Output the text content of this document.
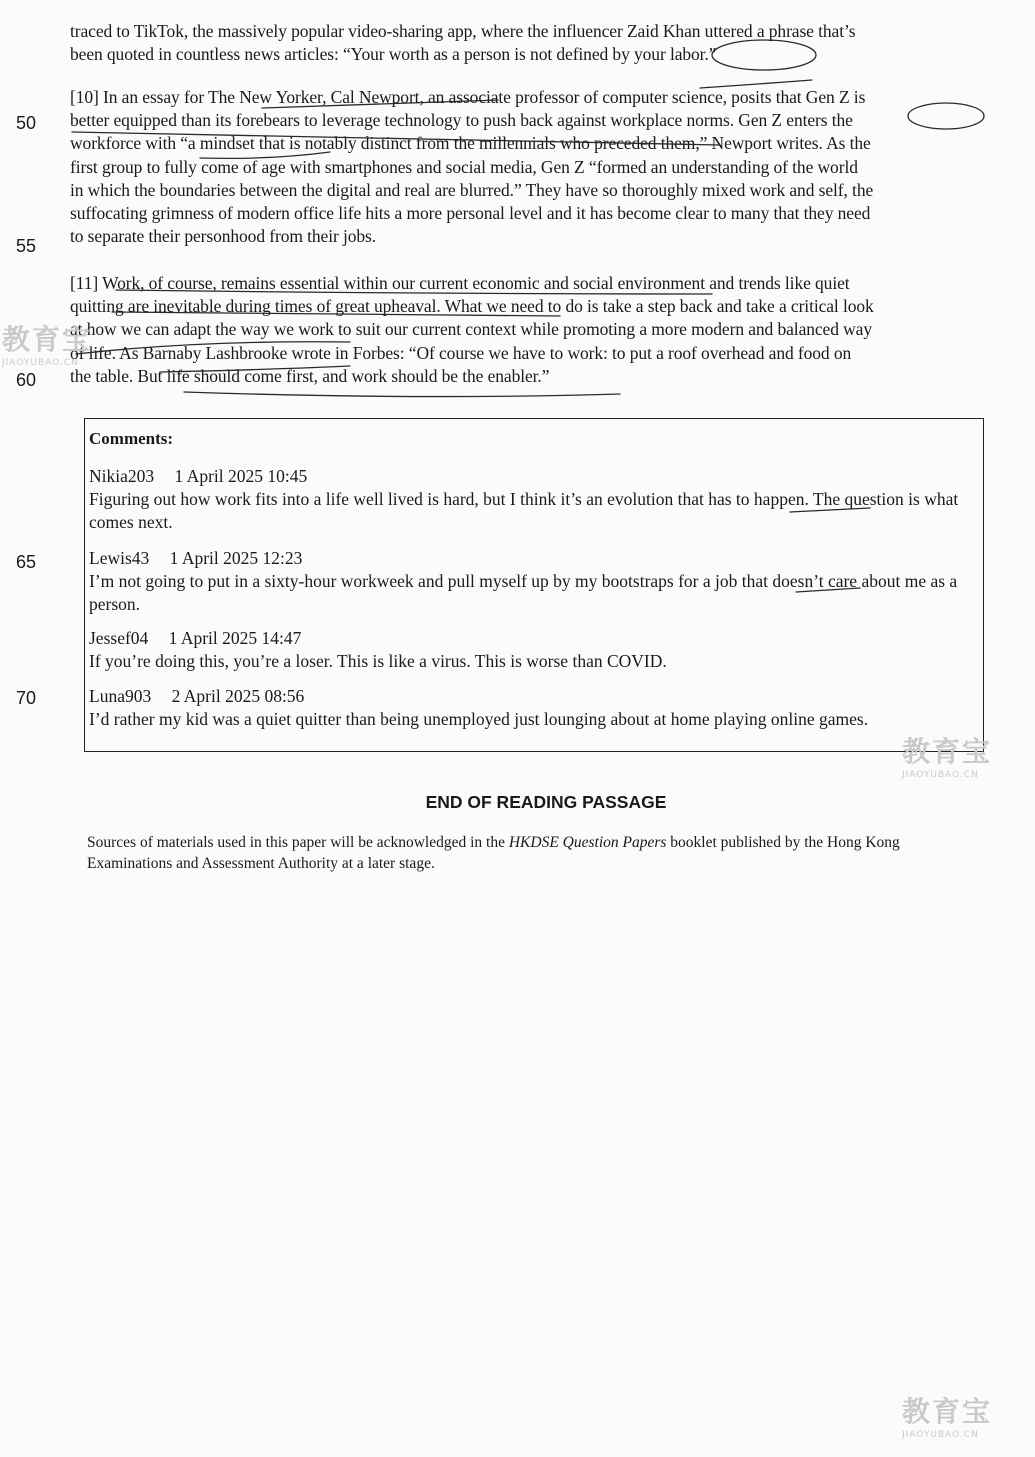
traced to TikTok, the massively popular video-sharing app, where the influencer Zaid Khan uttered a phrase that’s
been quoted in countless news articles: “Your worth as a person is not defined by your labor.”
[10] In an essay for The New Yorker, Cal Newport, an associate professor of computer science, posits that Gen Z is
better equipped than its forebears to leverage technology to push back against workplace norms. Gen Z enters the
workforce with “a mindset that is notably distinct from the millennials who preceded them,” Newport writes. As the
first group to fully come of age with smartphones and social media, Gen Z “formed an understanding of the world
in which the boundaries between the digital and real are blurred.” They have so thoroughly mixed work and self, the
suffocating grimness of modern office life hits a more personal level and it has become clear to many that they need
to separate their personhood from their jobs.
[11] Work, of course, remains essential within our current economic and social environment and trends like quiet
quitting are inevitable during times of great upheaval. What we need to do is take a step back and take a critical look
at how we can adapt the way we work to suit our current context while promoting a more modern and balanced way
of life. As Barnaby Lashbrooke wrote in Forbes: “Of course we have to work: to put a roof overhead and food on
the table. But life should come first, and work should be the enabler.”
50
55
60
65
70
Comments:
Nikia203 1 April 2025 10:45
Figuring out how work fits into a life well lived is hard, but I think it’s an evolution that has to happen. The question is what comes next.
Lewis43 1 April 2025 12:23
I’m not going to put in a sixty-hour workweek and pull myself up by my bootstraps for a job that doesn’t care about me as a person.
Jessef04 1 April 2025 14:47
If you’re doing this, you’re a loser. This is like a virus. This is worse than COVID.
Luna903 2 April 2025 08:56
I’d rather my kid was a quiet quitter than being unemployed just lounging about at home playing online games.
END OF READING PASSAGE
Sources of materials used in this paper will be acknowledged in the HKDSE Question Papers booklet published by the Hong Kong Examinations and Assessment Authority at a later stage.
教育宝
JIAOYUBAO.CN
教育宝
JIAOYUBAO.CN
教育宝
JIAOYUBAO.CN
